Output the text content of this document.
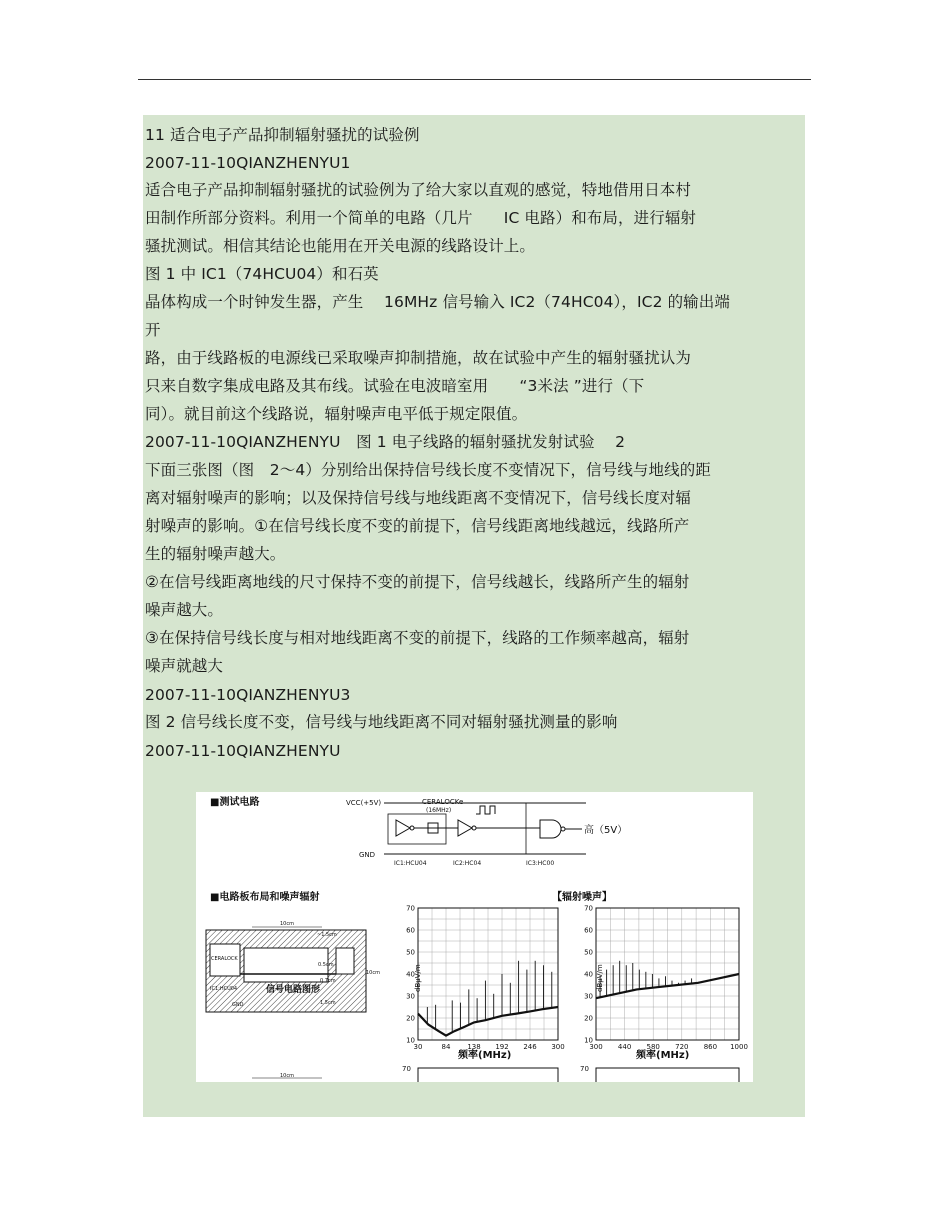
11 适合电子产品抑制辐射骚扰的试验例
2007-11-10QIANZHENYU1
适合电子产品抑制辐射骚扰的试验例为了给大家以直观的感觉，特地借用日本村
田制作所部分资料。利用一个简单的电路（几片　　IC 电路）和布局，进行辐射
骚扰测试。相信其结论也能用在开关电源的线路设计上。
图 1 中 IC1（74HCU04）和石英
晶体构成一个时钟发生器，产生　 16MHz 信号输入 IC2（74HC04），IC2 的输出端
开
路，由于线路板的电源线已采取噪声抑制措施，故在试验中产生的辐射骚扰认为
只来自数字集成电路及其布线。试验在电波暗室用　　“3米法 ”进行（下
同）。就目前这个线路说，辐射噪声电平低于规定限值。
2007-11-10QIANZHENYU　图 1 电子线路的辐射骚扰发射试验　 2
下面三张图（图　2～4）分别给出保持信号线长度不变情况下，信号线与地线的距
离对辐射噪声的影响；以及保持信号线与地线距离不变情况下，信号线长度对辐
射噪声的影响。①在信号线长度不变的前提下，信号线距离地线越远，线路所产
生的辐射噪声越大。
②在信号线距离地线的尺寸保持不变的前提下，信号线越长，线路所产生的辐射
噪声越大。
③在保持信号线长度与相对地线距离不变的前提下，线路的工作频率越高，辐射
噪声就越大
2007-11-10QIANZHENYU3
图 2 信号线长度不变，信号线与地线距离不同对辐射骚扰测量的影响
2007-11-10QIANZHENYU
■测试电路	VCC(+5V)
GND
CERALOCKe
(16MHz)
高（5V）
IC1:HCU04	IC2:HC04	IC3:HC00
■电路板布局和噪声辐射
信号电路图形
10cm
10cm
~1.5cm
0.5cm
0.7cm
1.5cm
CERALOCK
IC1:HCU04
GND
10cm
【辐射噪声】
70
60
50
40
30
20
10
30	84 138 192 246 300
70
60
50
40
30
20
10
300 440 580 720 860 1000
dBμV/m	dBμV/m
频率(MHz)	频率(MHz)
70	70
